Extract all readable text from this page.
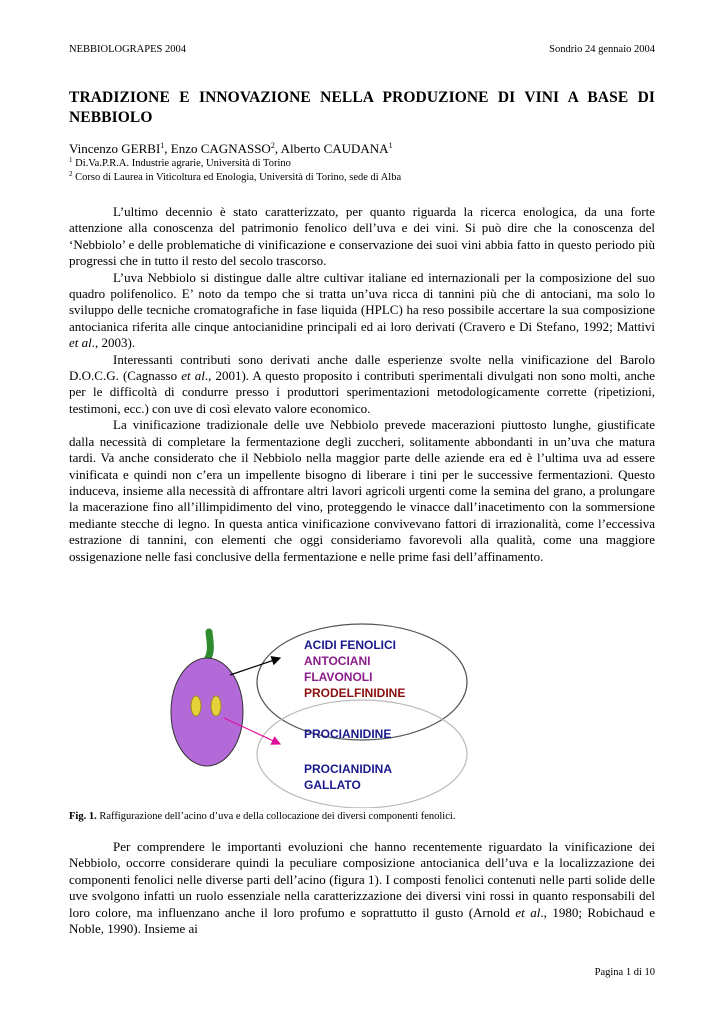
NEBBIOLOGRAPES 2004	Sondrio 24 gennaio 2004
TRADIZIONE E INNOVAZIONE NELLA PRODUZIONE DI VINI A BASE DI NEBBIOLO
Vincenzo GERBI$^1$, Enzo CAGNASSO$^2$, Alberto CAUDANA$^1$
$^1$ Di.Va.P.R.A. Industrie agrarie, Università di Torino
$^2$ Corso di Laurea in Viticoltura ed Enologia, Università di Torino, sede di Alba

L’ultimo decennio è stato caratterizzato, per quanto riguarda la ricerca enologica, da una forte attenzione alla conoscenza del patrimonio fenolico dell’uva e dei vini. Si può dire che la conoscenza del ‘Nebbiolo’ e delle problematiche di vinificazione e conservazione dei suoi vini abbia fatto in questo periodo più progressi che in tutto il resto del secolo trascorso.

L’uva Nebbiolo si distingue dalle altre cultivar italiane ed internazionali per la composizione del suo quadro polifenolico. E’ noto da tempo che si tratta un’uva ricca di tannini più che di antociani, ma solo lo sviluppo delle tecniche cromatografiche in fase liquida (HPLC) ha reso possibile accertare la sua composizione antocianica riferita alle cinque antocianidine principali ed ai loro derivati (Cravero e Di Stefano, 1992; Mattivi et al., 2003).

Interessanti contributi sono derivati anche dalle esperienze svolte nella vinificazione del Barolo D.O.C.G. (Cagnasso et al., 2001). A questo proposito i contributi sperimentali divulgati non sono molti, anche per le difficoltà di condurre presso i produttori sperimentazioni metodologicamente corrette (ripetizioni, testimoni, ecc.) con uve di così elevato valore economico.

La vinificazione tradizionale delle uve Nebbiolo prevede macerazioni piuttosto lunghe, giustificate dalla necessità di completare la fermentazione degli zuccheri, solitamente abbondanti in un’uva che matura tardi. Va anche considerato che il Nebbiolo nella maggior parte delle aziende era ed è l’ultima uva ad essere vinificata e quindi non c’era un impellente bisogno di liberare i tini per le successive fermentazioni. Questo induceva, insieme alla necessità di affrontare altri lavori agricoli urgenti come la semina del grano, a prolungare la macerazione fino all’illimpidimento del vino, proteggendo le vinacce dall’inacetimento con la sommersione mediante stecche di legno. In questa antica vinificazione convivevano fattori di irrazionalità, come l’eccessiva estrazione di tannini, con elementi che oggi consideriamo favorevoli alla qualità, come una maggiore ossigenazione nelle fasi conclusive della fermentazione e nelle prime fasi dell’affinamento.

ACIDI FENOLICI
ANTOCIANI
FLAVONOLI
PRODELFINIDINE
PROCIANIDINE
PROCIANIDINA
GALLATO
Fig. 1. Raffigurazione dell’acino d’uva e della collocazione dei diversi componenti fenolici.

Per comprendere le importanti evoluzioni che hanno recentemente riguardato la vinificazione dei Nebbiolo, occorre considerare quindi la peculiare composizione antocianica dell’uva e la localizzazione dei componenti fenolici nelle diverse parti dell’acino (figura 1). I composti fenolici contenuti nelle parti solide delle uve svolgono infatti un ruolo essenziale nella caratterizzazione dei diversi vini rossi in quanto responsabili del loro colore, ma influenzano anche il loro profumo e soprattutto il gusto (Arnold et al., 1980; Robichaud e Noble, 1990). Insieme ai

Pagina 1 di 10
